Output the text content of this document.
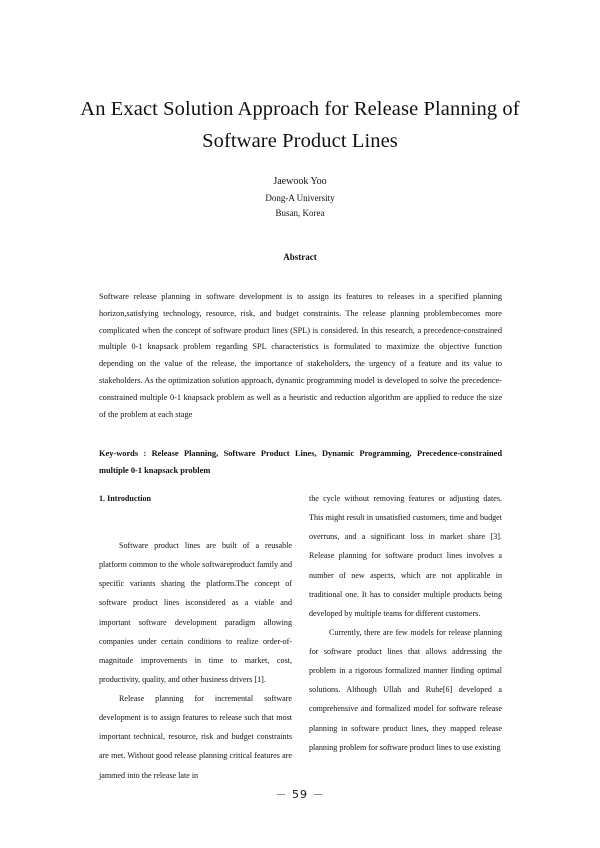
An Exact Solution Approach for Release Planning of
Software Product Lines
Jaewook Yoo
Dong-A University
Busan, Korea
Abstract
Software release planning in software development is to assign its features to releases in a specified planning horizon,satisfying technology, resource, risk, and budget constraints. The release planning problembecomes more complicated when the concept of software product lines (SPL) is considered. In this research, a precedence-constrained multiple 0-1 knapsack problem regarding SPL characteristics is formulated to maximize the objective function depending on the value of the release, the importance of stakeholders, the urgency of a feature and its value to stakeholders. As the optimization solution approach, dynamic programming model is developed to solve the precedence-constrained multiple 0-1 knapsack problem as well as a heuristic and reduction algorithm are applied to reduce the size of the problem at each stage
Key-words : Release Planning, Software Product Lines, Dynamic Programming, Precedence-constrained multiple 0-1 knapsack problem

1. Introduction

Software product lines are built of a reusable platform common to the whole softwareproduct family and specific variants sharing the platform.The concept of software product lines isconsidered as a viable and important software development paradigm allowing companies under certain conditions to realize order-of-magnitude improvements in time to market, cost, productivity, quality, and other business drivers [1].

Release planning for incremental software development is to assign features to release such that most important technical, resource, risk and budget constraints are met. Without good release planning critical features are jammed into the release late in

the cycle without removing features or adjusting dates. This might result in unsatisfied customers, time and budget overruns, and a significant loss in market share [3]. Release planning for software product lines involves a number of new aspects, which are not applicable in traditional one. It has to consider multiple products being developed by multiple teams for different customers.

Currently, there are few models for release planning for software product lines that allows addressing the problem in a rigorous formalized manner finding optimal solutions. Although Ullah and Ruhe[6] developed a comprehensive and formalized model for software release planning in software product lines, they mapped release planning problem for software product lines to use existing

－ 59 －
